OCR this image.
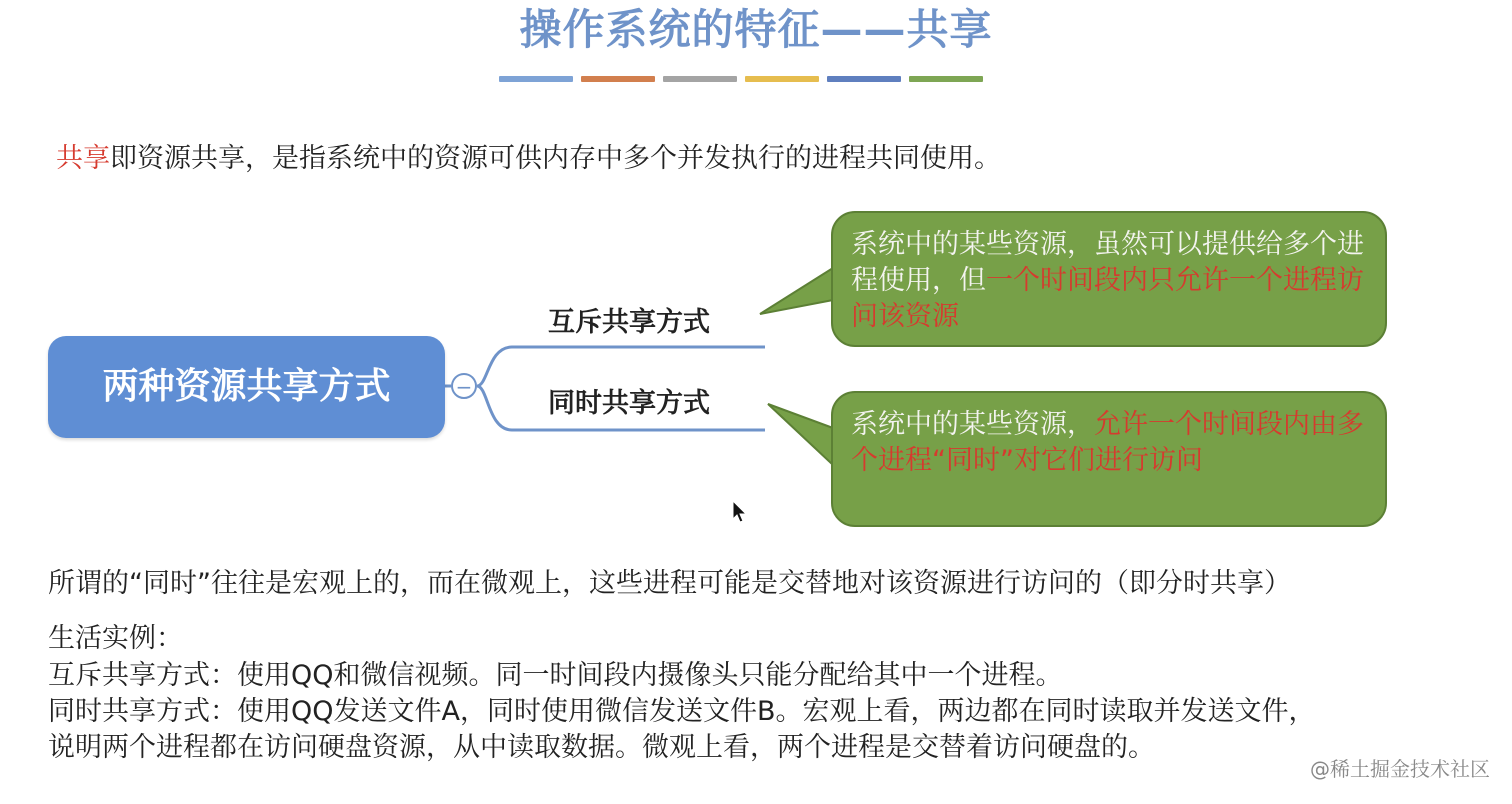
操作系统的特征——共享
共享即资源共享，是指系统中的资源可供内存中多个并发执行的进程共同使用。
两种资源共享方式	−
互斥共享方式
同时共享方式
系统中的某些资源，虽然可以提供给多个进程使用，但一个时间段内只允许一个进程访问该资源
系统中的某些资源，允许一个时间段内由多个进程“同时”对它们进行访问
所谓的“同时”往往是宏观上的，而在微观上，这些进程可能是交替地对该资源进行访问的（即分时共享）
生活实例：
互斥共享方式：使用QQ和微信视频。同一时间段内摄像头只能分配给其中一个进程。
同时共享方式：使用QQ发送文件A，同时使用微信发送文件B。宏观上看，两边都在同时读取并发送文件，
说明两个进程都在访问硬盘资源，从中读取数据。微观上看，两个进程是交替着访问硬盘的。
@稀土掘金技术社区
